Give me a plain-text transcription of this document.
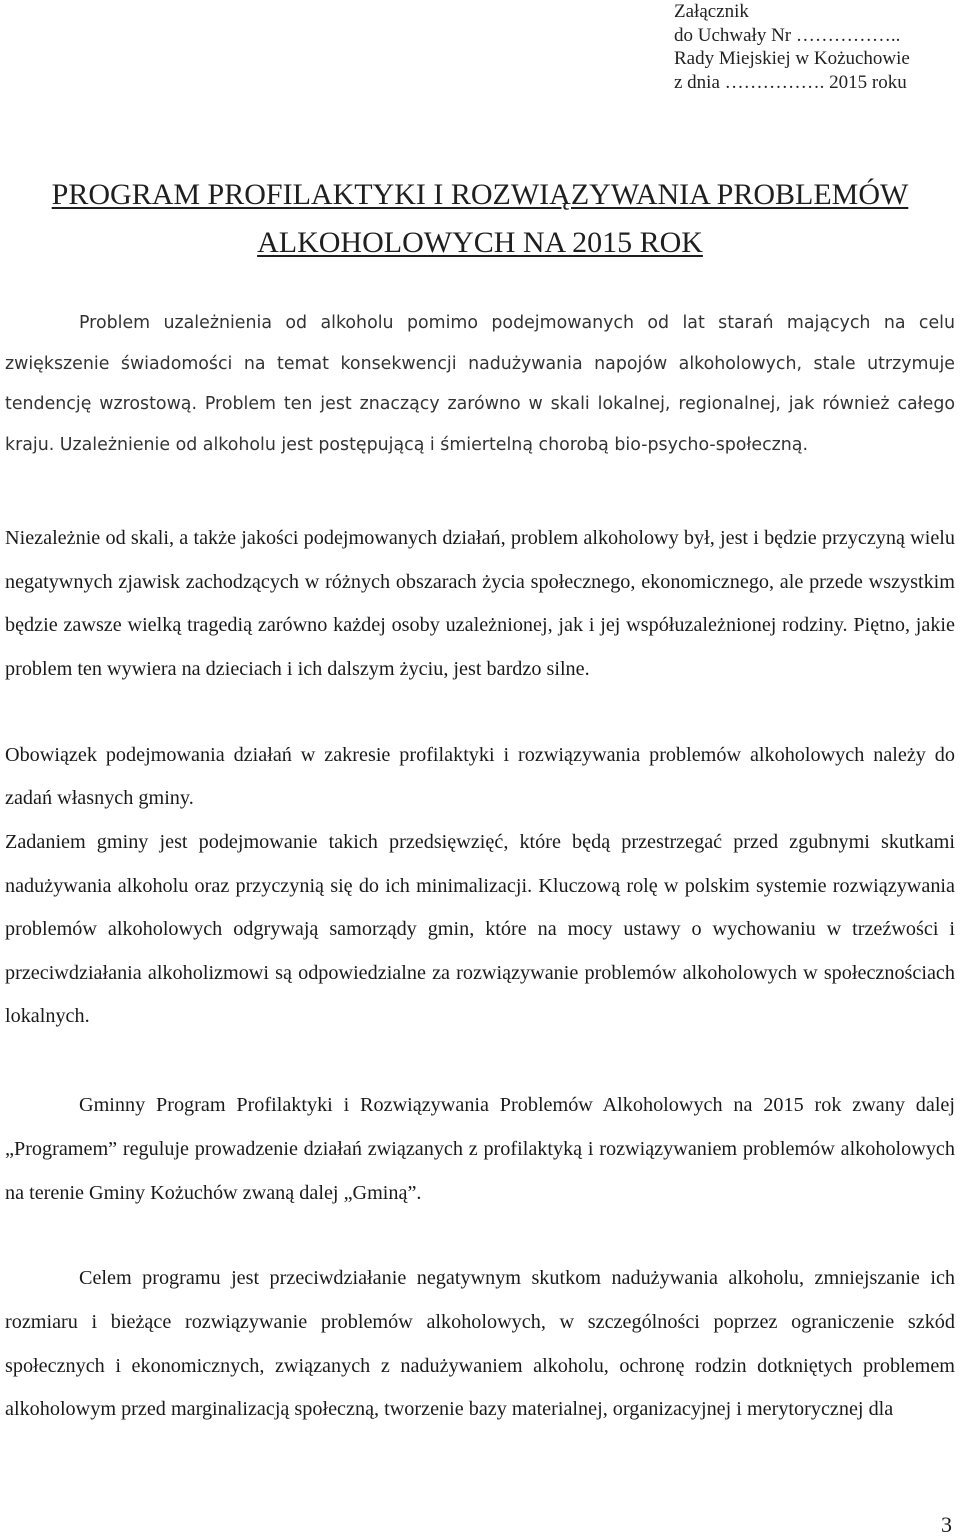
Załącznik
do Uchwały Nr ……………..
Rady Miejskiej w Kożuchowie
z dnia ……………. 2015 roku
PROGRAM PROFILAKTYKI I ROZWIĄZYWANIA PROBLEMÓW
ALKOHOLOWYCH NA 2015 ROK
Problem uzależnienia od alkoholu pomimo podejmowanych od lat starań mających na celu zwiększenie świadomości na temat konsekwencji nadużywania napojów alkoholowych, stale utrzymuje tendencję wzrostową. Problem ten jest znaczący zarówno w skali lokalnej, regionalnej, jak również całego kraju. Uzależnienie od alkoholu jest postępującą i śmiertelną chorobą bio-psycho-społeczną.
Niezależnie od skali, a także jakości podejmowanych działań, problem alkoholowy był, jest i będzie przyczyną wielu negatywnych zjawisk zachodzących w różnych obszarach życia społecznego, ekonomicznego, ale przede wszystkim będzie zawsze wielką tragedią zarówno każdej osoby uzależnionej, jak i jej współuzależnionej rodziny. Piętno, jakie problem ten wywiera na dzieciach i ich dalszym życiu, jest bardzo silne.
Obowiązek podejmowania działań w zakresie profilaktyki i rozwiązywania problemów alkoholowych należy do zadań własnych gminy.
Zadaniem gminy jest podejmowanie takich przedsięwzięć, które będą przestrzegać przed zgubnymi skutkami nadużywania alkoholu oraz przyczynią się do ich minimalizacji. Kluczową rolę w polskim systemie rozwiązywania problemów alkoholowych odgrywają samorządy gmin, które na mocy ustawy o wychowaniu w trzeźwości i przeciwdziałania alkoholizmowi są odpowiedzialne za rozwiązywanie problemów alkoholowych w społecznościach lokalnych.
Gminny Program Profilaktyki i Rozwiązywania Problemów Alkoholowych na 2015 rok zwany dalej „Programem” reguluje prowadzenie działań związanych z profilaktyką i rozwiązywaniem problemów alkoholowych na terenie Gminy Kożuchów zwaną dalej „Gminą”.
Celem programu jest przeciwdziałanie negatywnym skutkom nadużywania alkoholu, zmniejszanie ich rozmiaru i bieżące rozwiązywanie problemów alkoholowych, w szczególności poprzez ograniczenie szkód społecznych i ekonomicznych, związanych z nadużywaniem alkoholu, ochronę rodzin dotkniętych problemem alkoholowym przed marginalizacją społeczną, tworzenie bazy materialnej, organizacyjnej i merytorycznej dla
3
